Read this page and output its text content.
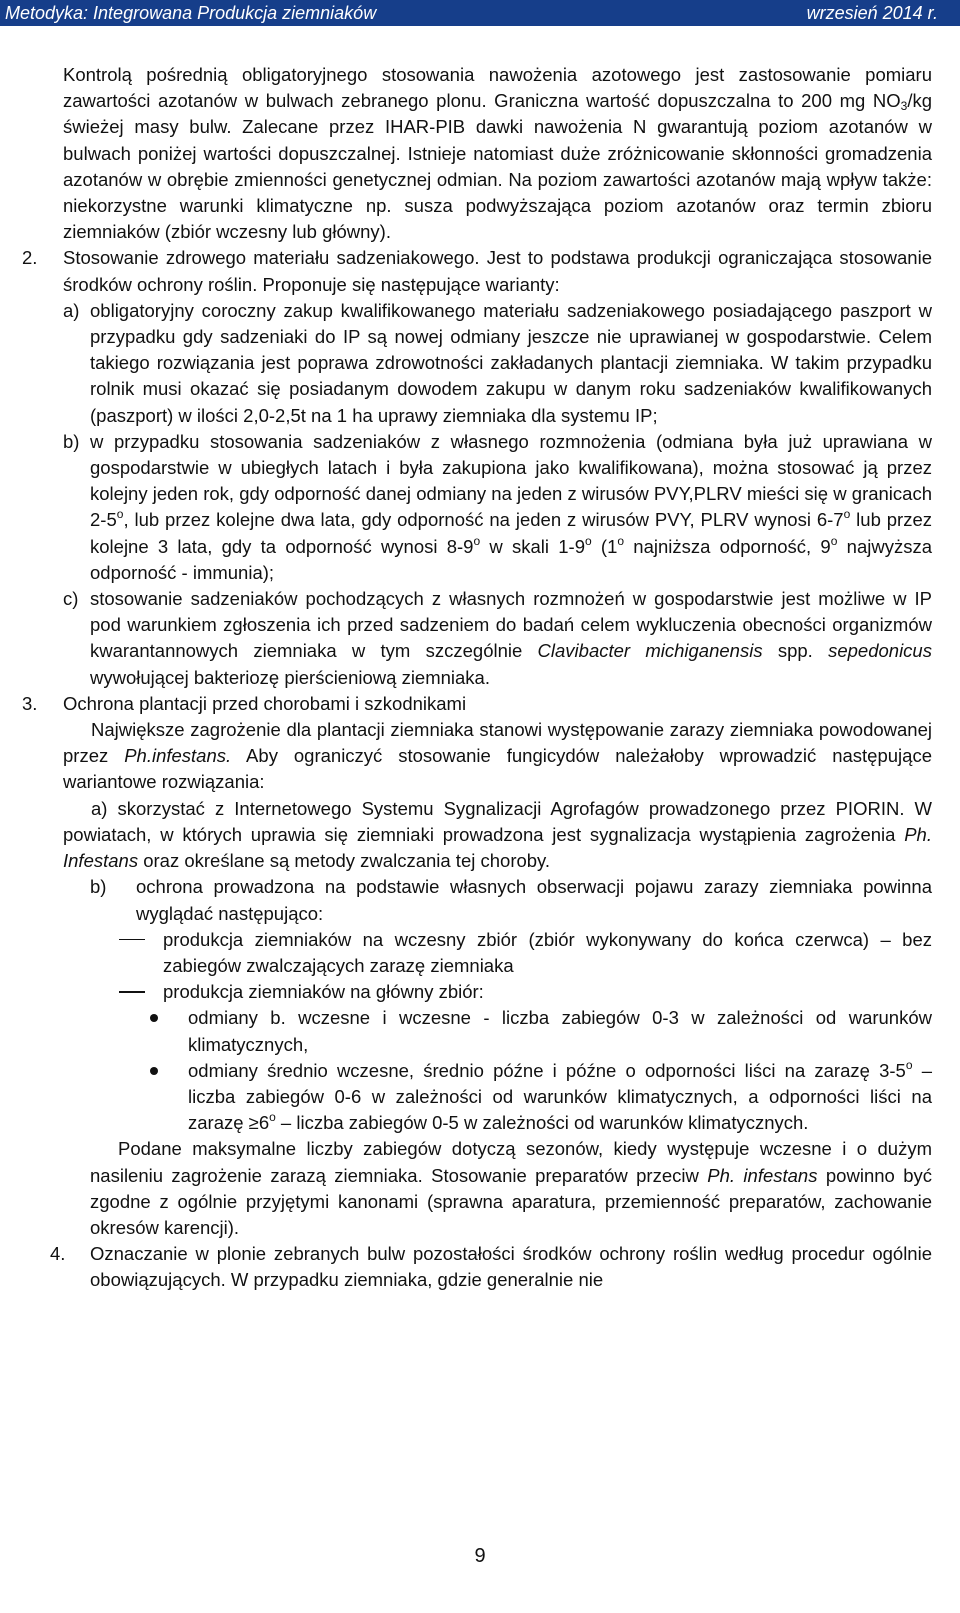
Metodyka: Integrowana Produkcja ziemniaków	wrzesień 2014 r.

Kontrolą pośrednią obligatoryjnego stosowania nawożenia azotowego jest zastosowanie pomiaru zawartości azotanów w bulwach zebranego plonu. Graniczna wartość dopuszczalna to 200 mg $NO_3/kg$ świeżej masy bulw. Zalecane przez IHAR-PIB dawki nawożenia N gwarantują poziom azotanów w bulwach poniżej wartości dopuszczalnej. Istnieje natomiast duże zróżnicowanie skłonności gromadzenia azotanów w obrębie zmienności genetycznej odmian. Na poziom zawartości azotanów mają wpływ także: niekorzystne warunki klimatyczne np. susza podwyższająca poziom azotanów oraz termin zbioru ziemniaków (zbiór wczesny lub główny).

2. Stosowanie zdrowego materiału sadzeniakowego. Jest to podstawa produkcji ograniczająca stosowanie środków ochrony roślin. Proponuje się następujące warianty:

a) obligatoryjny coroczny zakup kwalifikowanego materiału sadzeniakowego posiadającego paszport w przypadku gdy sadzeniaki do IP są nowej odmiany jeszcze nie uprawianej w gospodarstwie. Celem takiego rozwiązania jest poprawa zdrowotności zakładanych plantacji ziemniaka. W takim przypadku rolnik musi okazać się posiadanym dowodem zakupu w danym roku sadzeniaków kwalifikowanych (paszport) w ilości 2,0-2,5t na 1 ha uprawy ziemniaka dla systemu IP;

b) w przypadku stosowania sadzeniaków z własnego rozmnożenia (odmiana była już uprawiana w gospodarstwie w ubiegłych latach i była zakupiona jako kwalifikowana), można stosować ją przez kolejny jeden rok, gdy odporność danej odmiany na jeden z wirusów PVY,PLRV mieści się w granicach 2-5$^o$, lub przez kolejne dwa lata, gdy odporność na jeden z wirusów PVY, PLRV wynosi 6-7$^o$ lub przez kolejne 3 lata, gdy ta odporność wynosi 8-9$^o$ w skali 1-9$^o$ (1$^o$ najniższa odporność, 9$^o$ najwyższa odporność - immunia);

c) stosowanie sadzeniaków pochodzących z własnych rozmnożeń w gospodarstwie jest możliwe w IP pod warunkiem zgłoszenia ich przed sadzeniem do badań celem wykluczenia obecności organizmów kwarantannowych ziemniaka w tym szczególnie Clavibacter michiganensis spp. sepedonicus wywołującej bakteriozę pierścieniową ziemniaka.

3. Ochrona plantacji przed chorobami i szkodnikami

Największe zagrożenie dla plantacji ziemniaka stanowi występowanie zarazy ziemniaka powodowanej przez Ph.infestans. Aby ograniczyć stosowanie fungicydów należałoby wprowadzić następujące wariantowe rozwiązania:

a) skorzystać z Internetowego Systemu Sygnalizacji Agrofagów prowadzonego przez PIORIN. W powiatach, w których uprawia się ziemniaki prowadzona jest sygnalizacja wystąpienia zagrożenia Ph. Infestans oraz określane są metody zwalczania tej choroby.

b) ochrona prowadzona na podstawie własnych obserwacji pojawu zarazy ziemniaka powinna wyglądać następująco:

produkcja ziemniaków na wczesny zbiór (zbiór wykonywany do końca czerwca) – bez zabiegów zwalczających zarazę ziemniaka

produkcja ziemniaków na główny zbiór:

odmiany b. wczesne i wczesne - liczba zabiegów 0-3 w zależności od warunków klimatycznych,

odmiany średnio wczesne, średnio późne i późne o odporności liści na zarazę 3-5$^o$ – liczba zabiegów 0-6 w zależności od warunków klimatycznych, a odporności liści na zarazę $\ge 6^o$ – liczba zabiegów 0-5 w zależności od warunków klimatycznych.

Podane maksymalne liczby zabiegów dotyczą sezonów, kiedy występuje wczesne i o dużym nasileniu zagrożenie zarazą ziemniaka. Stosowanie preparatów przeciw Ph. infestans powinno być zgodne z ogólnie przyjętymi kanonami (sprawna aparatura, przemienność preparatów, zachowanie okresów karencji).

4. Oznaczanie w plonie zebranych bulw pozostałości środków ochrony roślin według procedur ogólnie obowiązujących. W przypadku ziemniaka, gdzie generalnie nie

9
